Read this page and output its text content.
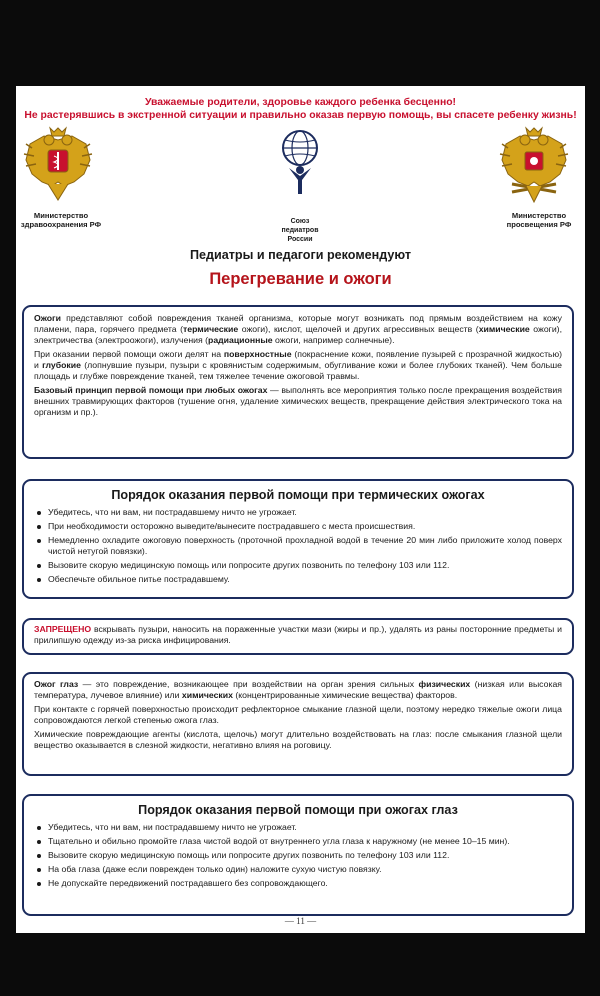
Уважаемые родители, здоровье каждого ребенка бесценно!
Не растерявшись в экстренной ситуации и правильно оказав первую помощь, вы спасете ребенку жизнь!
Министерство
здравоохранения РФ	Союз
педиатров
России
Министерство
просвещения РФ
Педиатры и педагоги рекомендуют
Перегревание и ожоги

Ожоги представляют собой повреждения тканей организма, которые могут возникать под прямым воздействием на кожу пламени, пара, горячего предмета (термические ожоги), кислот, щелочей и других агрессивных веществ (химические ожоги), электричества (электроожоги), излучения (радиационные ожоги, например солнечные).

При оказании первой помощи ожоги делят на поверхностные (покраснение кожи, появление пузырей с прозрачной жидкостью) и глубокие (лопнувшие пузыри, пузыри с кровянистым содержимым, обугливание кожи и более глубоких тканей). Чем больше площадь и глубже повреждение тканей, тем тяжелее течение ожоговой травмы.

Базовый принцип первой помощи при любых ожогах — выполнять все мероприятия только после прекращения воздействия внешних травмирующих факторов (тушение огня, удаление химических веществ, прекращение действия электрического тока на организм и пр.).

Порядок оказания первой помощи при термических ожогах
Убедитесь, что ни вам, ни пострадавшему ничто не угрожает.
При необходимости осторожно выведите/вынесите пострадавшего с места происшествия.
Немедленно охладите ожоговую поверхность (проточной прохладной водой в течение 20 мин либо приложите холод поверх чистой нетугой повязки).
Вызовите скорую медицинскую помощь или попросите других позвонить по телефону 103 или 112.
Обеспечьте обильное питье пострадавшему.

ЗАПРЕЩЕНО вскрывать пузыри, наносить на пораженные участки мази (жиры и пр.), удалять из раны посторонние предметы и прилипшую одежду из-за риска инфицирования.

Ожог глаз — это повреждение, возникающее при воздействии на орган зрения сильных физических (низкая или высокая температура, лучевое влияние) или химических (концентрированные химические вещества) факторов.

При контакте с горячей поверхностью происходит рефлекторное смыкание глазной щели, поэтому нередко тяжелые ожоги лица сопровождаются легкой степенью ожога глаз.

Химические повреждающие агенты (кислота, щелочь) могут длительно воздействовать на глаз: после смыкания глазной щели вещество оказывается в слезной жидкости, негативно влияя на роговицу.

Порядок оказания первой помощи при ожогах глаз
Убедитесь, что ни вам, ни пострадавшему ничто не угрожает.
Тщательно и обильно промойте глаза чистой водой от внутреннего угла глаза к наружному (не менее 10–15 мин).
Вызовите скорую медицинскую помощь или попросите других позвонить по телефону 103 или 112.
На оба глаза (даже если поврежден только один) наложите сухую чистую повязку.
Не допускайте передвижений пострадавшего без сопровождающего.
— 11 —
